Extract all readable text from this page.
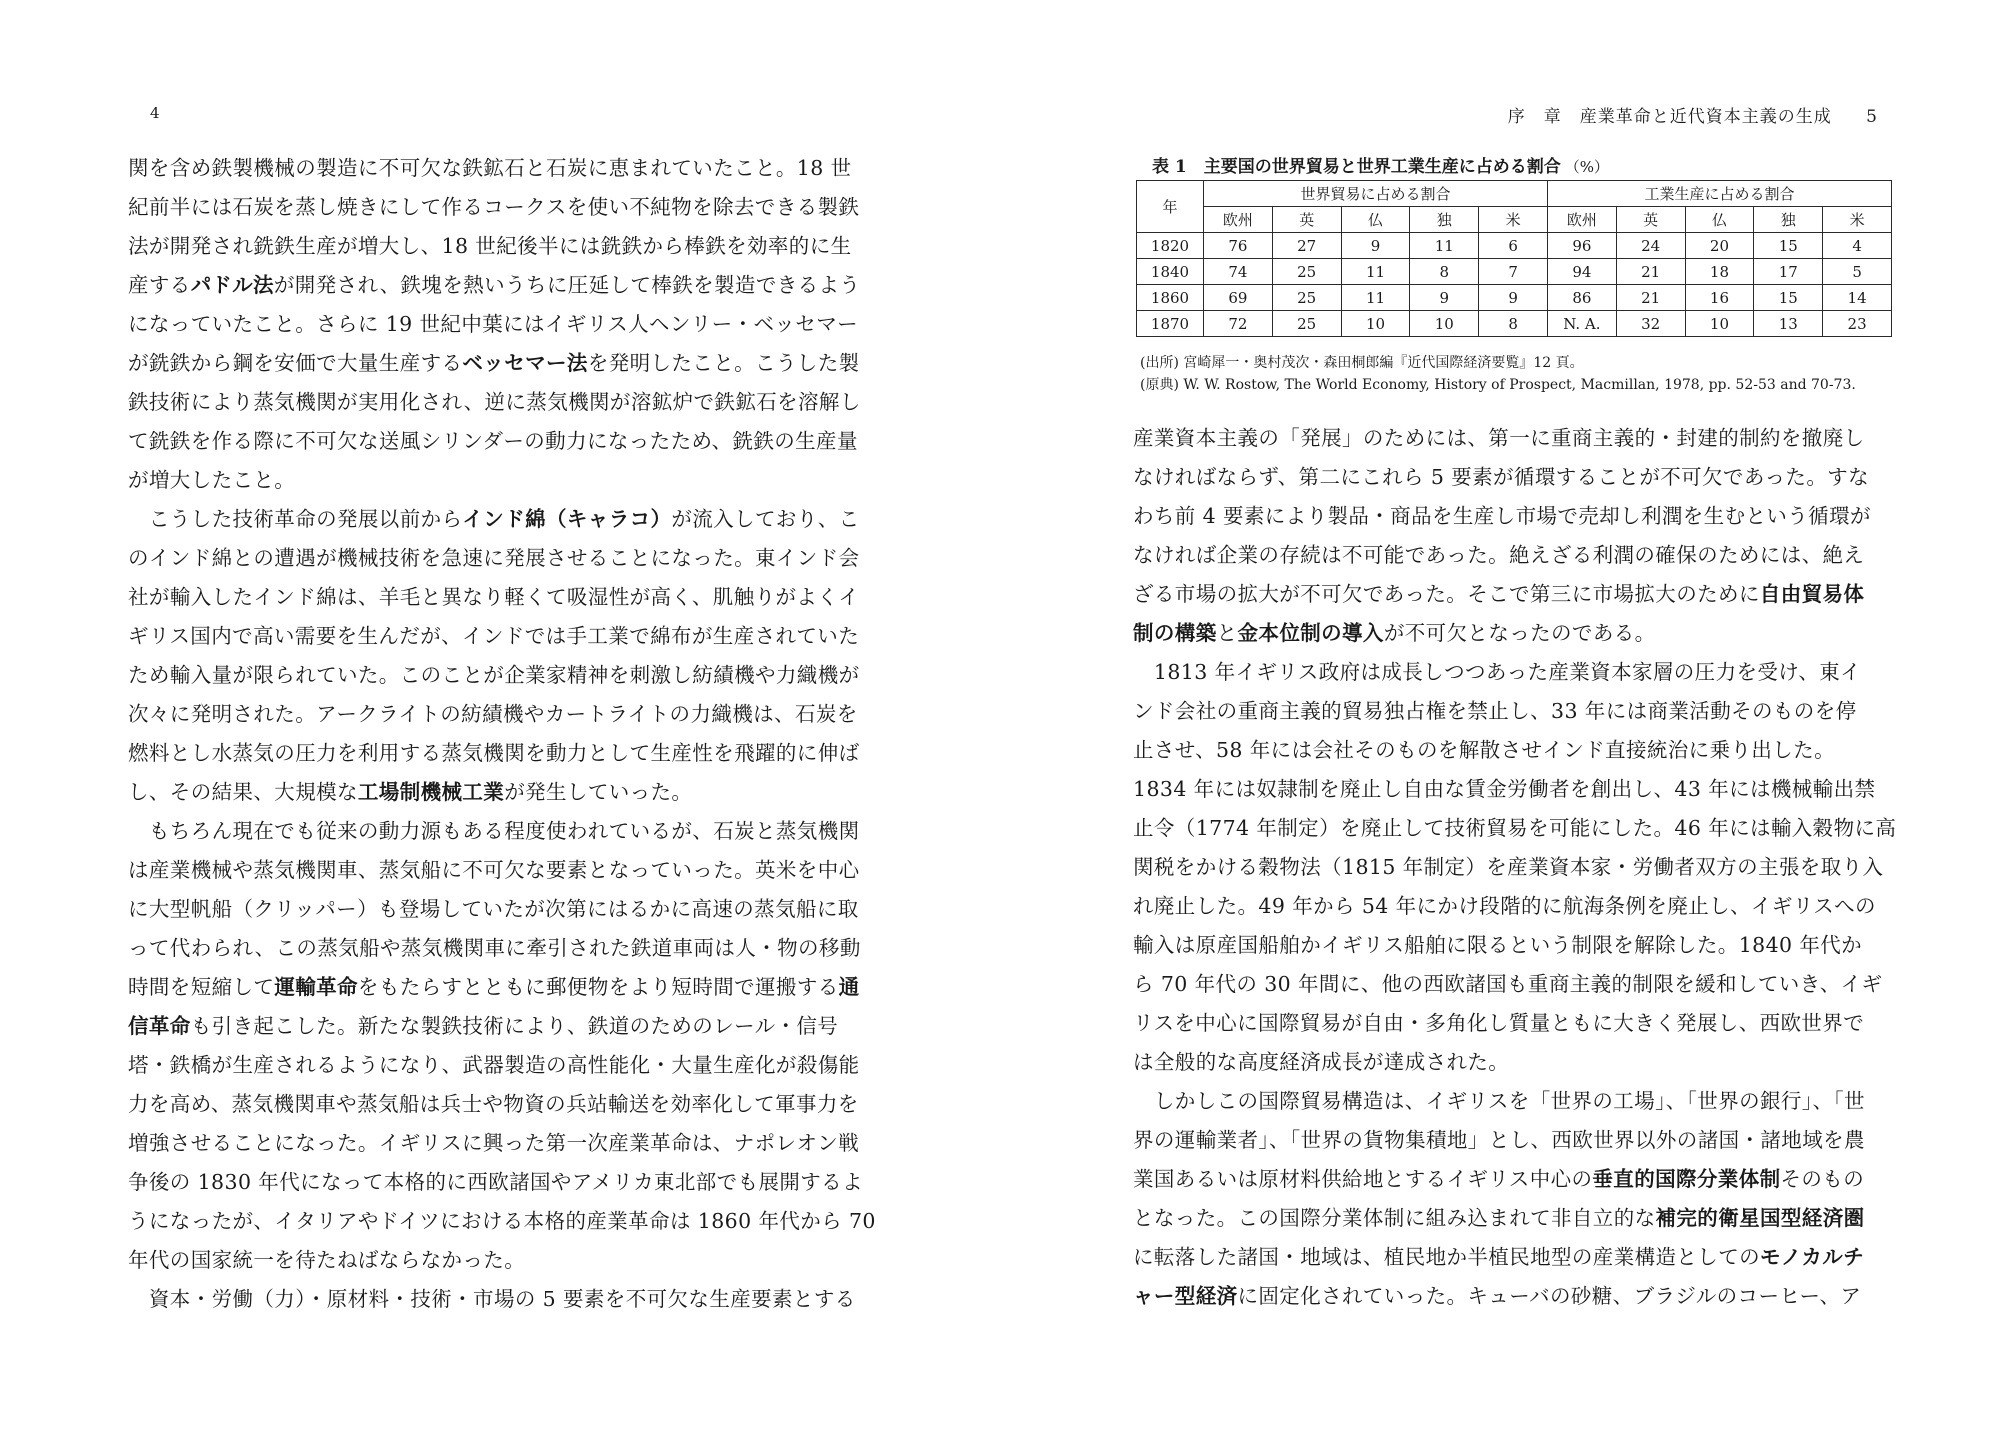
4
関を含め鉄製機械の製造に不可欠な鉄鉱石と石炭に恵まれていたこと。18 世
紀前半には石炭を蒸し焼きにして作るコークスを使い不純物を除去できる製鉄
法が開発され銑鉄生産が増大し、18 世紀後半には銑鉄から棒鉄を効率的に生
産するパドル法が開発され、鉄塊を熱いうちに圧延して棒鉄を製造できるよう
になっていたこと。さらに 19 世紀中葉にはイギリス人ヘンリー・ベッセマー
が銑鉄から鋼を安価で大量生産するベッセマー法を発明したこと。こうした製
鉄技術により蒸気機関が実用化され、逆に蒸気機関が溶鉱炉で鉄鉱石を溶解し
て銑鉄を作る際に不可欠な送風シリンダーの動力になったため、銑鉄の生産量
が増大したこと。
　こうした技術革命の発展以前からインド綿（キャラコ）が流入しており、こ
のインド綿との遭遇が機械技術を急速に発展させることになった。東インド会
社が輸入したインド綿は、羊毛と異なり軽くて吸湿性が高く、肌触りがよくイ
ギリス国内で高い需要を生んだが、インドでは手工業で綿布が生産されていた
ため輸入量が限られていた。このことが企業家精神を刺激し紡績機や力織機が
次々に発明された。アークライトの紡績機やカートライトの力織機は、石炭を
燃料とし水蒸気の圧力を利用する蒸気機関を動力として生産性を飛躍的に伸ば
し、その結果、大規模な工場制機械工業が発生していった。
　もちろん現在でも従来の動力源もある程度使われているが、石炭と蒸気機関
は産業機械や蒸気機関車、蒸気船に不可欠な要素となっていった。英米を中心
に大型帆船（クリッパー）も登場していたが次第にはるかに高速の蒸気船に取
って代わられ、この蒸気船や蒸気機関車に牽引された鉄道車両は人・物の移動
時間を短縮して運輸革命をもたらすとともに郵便物をより短時間で運搬する通
信革命も引き起こした。新たな製鉄技術により、鉄道のためのレール・信号
塔・鉄橋が生産されるようになり、武器製造の高性能化・大量生産化が殺傷能
力を高め、蒸気機関車や蒸気船は兵士や物資の兵站輸送を効率化して軍事力を
増強させることになった。イギリスに興った第一次産業革命は、ナポレオン戦
争後の 1830 年代になって本格的に西欧諸国やアメリカ東北部でも展開するよ
うになったが、イタリアやドイツにおける本格的産業革命は 1860 年代から 70
年代の国家統一を待たねばならなかった。
　資本・労働（力）・原材料・技術・市場の 5 要素を不可欠な生産要素とする
序　章　産業革命と近代資本主義の生成 5
表 1　主要国の世界貿易と世界工業生産に占める割合 （%）
年	世界貿易に占める割合					工業生産に占める割合				
	欧州	英	仏	独	米	欧州	英	仏	独	米
1820	76	27	9	11	6	96	24	20	15	4
1840	74	25	11	8	7	94	21	18	17	5
1860	69	25	11	9	9	86	21	16	15	14
1870	72	25	10	10	8	N. A.	32	10	13	23
(出所) 宮崎犀一・奥村茂次・森田桐郎編『近代国際経済要覧』12 頁。
(原典) W. W. Rostow, The World Economy, History of Prospect, Macmillan, 1978, pp. 52-53 and 70-73.
産業資本主義の「発展」のためには、第一に重商主義的・封建的制約を撤廃し
なければならず、第二にこれら 5 要素が循環することが不可欠であった。すな
わち前 4 要素により製品・商品を生産し市場で売却し利潤を生むという循環が
なければ企業の存続は不可能であった。絶えざる利潤の確保のためには、絶え
ざる市場の拡大が不可欠であった。そこで第三に市場拡大のために自由貿易体
制の構築と金本位制の導入が不可欠となったのである。
　1813 年イギリス政府は成長しつつあった産業資本家層の圧力を受け、東イ
ンド会社の重商主義的貿易独占権を禁止し、33 年には商業活動そのものを停
止させ、58 年には会社そのものを解散させインド直接統治に乗り出した。
1834 年には奴隷制を廃止し自由な賃金労働者を創出し、43 年には機械輸出禁
止令（1774 年制定）を廃止して技術貿易を可能にした。46 年には輸入穀物に高
関税をかける穀物法（1815 年制定）を産業資本家・労働者双方の主張を取り入
れ廃止した。49 年から 54 年にかけ段階的に航海条例を廃止し、イギリスへの
輸入は原産国船舶かイギリス船舶に限るという制限を解除した。1840 年代か
ら 70 年代の 30 年間に、他の西欧諸国も重商主義的制限を緩和していき、イギ
リスを中心に国際貿易が自由・多角化し質量ともに大きく発展し、西欧世界で
は全般的な高度経済成長が達成された。
　しかしこの国際貿易構造は、イギリスを「世界の工場」、「世界の銀行」、「世
界の運輸業者」、「世界の貨物集積地」とし、西欧世界以外の諸国・諸地域を農
業国あるいは原材料供給地とするイギリス中心の垂直的国際分業体制そのもの
となった。この国際分業体制に組み込まれて非自立的な補完的衛星国型経済圏
に転落した諸国・地域は、植民地か半植民地型の産業構造としてのモノカルチ
ャー型経済に固定化されていった。キューバの砂糖、ブラジルのコーヒー、ア
